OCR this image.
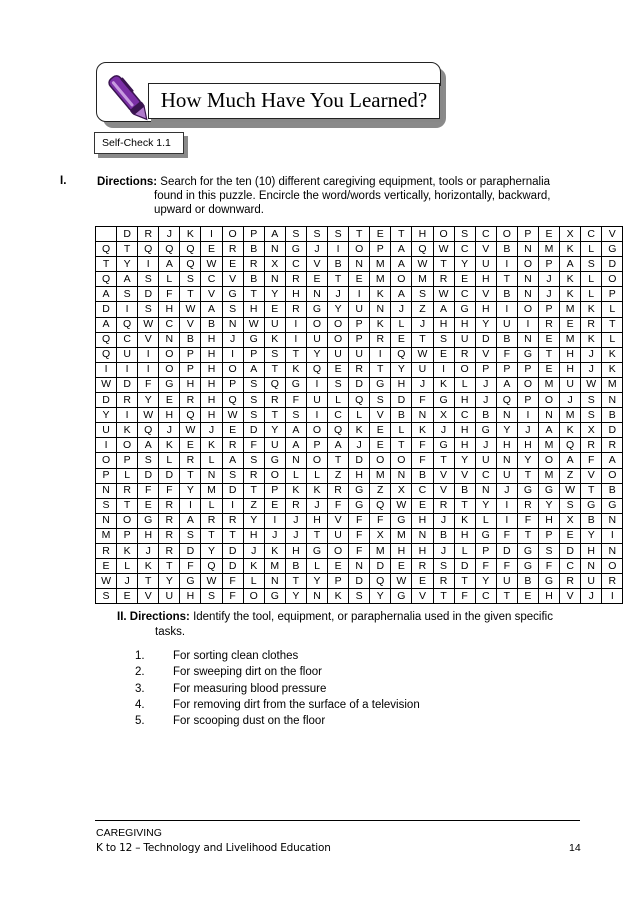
How Much Have You Learned?
Self-Check 1.1
I.	Directions: Search for the ten (10) different caregiving equipment, tools or paraphernalia
found in this puzzle. Encircle the word/words vertically, horizontally, backward,
upward or downward.
	D	R	J	K	I	O	P	A	S	S	S	T	E	T	H	O	S	C	O	P	E	X	C	V
Q	T	Q	Q	Q	E	R	B	N	G	J	I	O	P	A	Q	W	C	V	B	N	M	K	L	G
T	Y	I	A	Q	W	E	R	X	C	V	B	N	M	A	W	T	Y	U	I	O	P	A	S	D
Q	A	S	L	S	C	V	B	N	R	E	T	E	M	O	M	R	E	H	T	N	J	K	L	O
A	S	D	F	T	V	G	T	Y	H	N	J	I	K	A	S	W	C	V	B	N	J	K	L	P
D	I	S	H	W	A	S	H	E	R	G	Y	U	N	J	Z	A	G	H	I	O	P	M	K	L
A	Q	W	C	V	B	N	W	U	I	O	O	P	K	L	J	H	H	Y	U	I	R	E	R	T
Q	C	V	N	B	H	J	G	K	I	U	O	P	R	E	T	S	U	D	B	N	E	M	K	L
Q	U	I	O	P	H	I	P	S	T	Y	U	U	I	Q	W	E	R	V	F	G	T	H	J	K
I	I	I	O	P	H	O	A	T	K	Q	E	R	T	Y	U	I	O	P	P	P	E	H	J	K
W	D	F	G	H	H	P	S	Q	G	I	S	D	G	H	J	K	L	J	A	O	M	U	W	M
D	R	Y	E	R	H	Q	S	R	F	U	L	Q	S	D	F	G	H	J	Q	P	O	J	S	N
Y	I	W	H	Q	H	W	S	T	S	I	C	L	V	B	N	X	C	B	N	I	N	M	S	B
U	K	Q	J	W	J	E	D	Y	A	O	Q	K	E	L	K	J	H	G	Y	J	A	K	X	D
I	O	A	K	E	K	R	F	U	A	P	A	J	E	T	F	G	H	J	H	H	M	Q	R	R
O	P	S	L	R	L	A	S	G	N	O	T	D	O	O	F	T	Y	U	N	Y	O	A	F	A
P	L	D	D	T	N	S	R	O	L	L	Z	H	M	N	B	V	V	C	U	T	M	Z	V	O
N	R	F	F	Y	M	D	T	P	K	K	R	G	Z	X	C	V	B	N	J	G	G	W	T	B
S	T	E	R	I	L	I	Z	E	R	J	F	G	Q	W	E	R	T	Y	I	R	Y	S	G	G
N	O	G	R	A	R	R	Y	I	J	H	V	F	F	G	H	J	K	L	I	F	H	X	B	N
M	P	H	R	S	T	T	H	J	J	T	U	F	X	M	N	B	H	G	F	T	P	E	Y	I
R	K	J	R	D	Y	D	J	K	H	G	O	F	M	H	H	J	L	P	D	G	S	D	H	N
E	L	K	T	F	Q	D	K	M	B	L	E	N	D	E	R	S	D	F	F	G	F	C	N	O
W	J	T	Y	G	W	F	L	N	T	Y	P	D	Q	W	E	R	T	Y	U	B	G	R	U	R
S	E	V	U	H	S	F	O	G	Y	N	K	S	Y	G	V	T	F	C	T	E	H	V	J	I
II. Directions: Identify the tool, equipment, or paraphernalia used in the given specific
tasks.
1.	For sorting clean clothes
2.	For sweeping dirt on the floor
3.	For measuring blood pressure
4.	For removing dirt from the surface of a television
5.	For scooping dust on the floor
CAREGIVING
K to 12 – Technology and Livelihood Education	14
